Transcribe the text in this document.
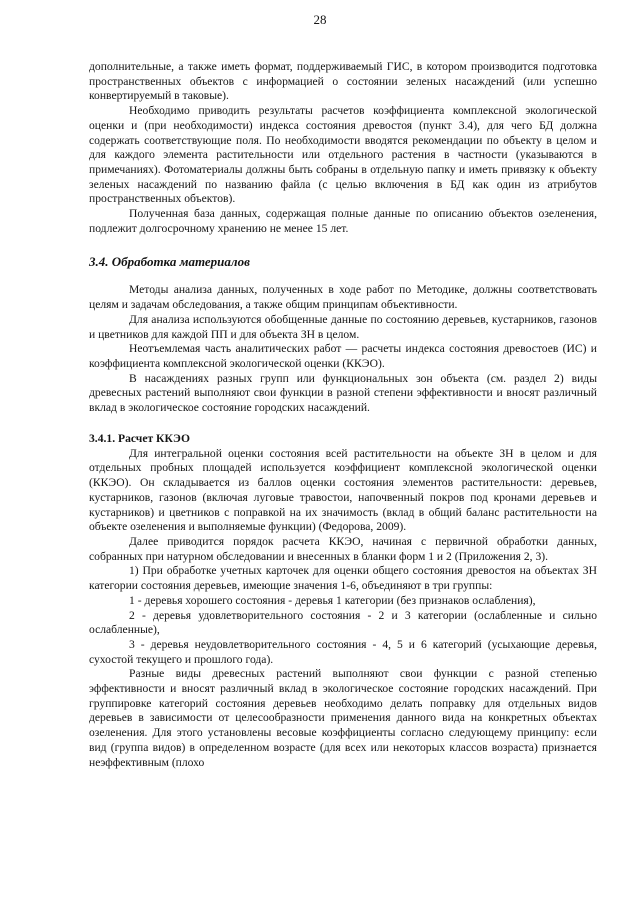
28

дополнительные, а также иметь формат, поддерживаемый ГИС, в котором производится подготовка пространственных объектов с информацией о состоянии зеленых насаждений (или успешно конвертируемый в таковые).

Необходимо приводить результаты расчетов коэффициента комплексной экологической оценки и (при необходимости) индекса состояния древостоя (пункт 3.4), для чего БД должна содержать соответствующие поля. По необходимости вводятся рекомендации по объекту в целом и для каждого элемента растительности или отдельного растения в частности (указываются в примечаниях). Фотоматериалы должны быть собраны в отдельную папку и иметь привязку к объекту зеленых насаждений по названию файла (с целью включения в БД как один из атрибутов пространственных объектов).

Полученная база данных, содержащая полные данные по описанию объектов озеленения, подлежит долгосрочному хранению не менее 15 лет.

3.4. Обработка материалов

Методы анализа данных, полученных в ходе работ по Методике, должны соответствовать целям и задачам обследования, а также общим принципам объективности.

Для анализа используются обобщенные данные по состоянию деревьев, кустарников, газонов и цветников для каждой ПП и для объекта ЗН в целом.

Неотъемлемая часть аналитических работ — расчеты индекса состояния древостоев (ИС) и коэффициента комплексной экологической оценки (ККЭО).

В насаждениях разных групп или функциональных зон объекта (см. раздел 2) виды древесных растений выполняют свои функции в разной степени эффективности и вносят различный вклад в экологическое состояние городских насаждений.

3.4.1. Расчет ККЭО

Для интегральной оценки состояния всей растительности на объекте ЗН в целом и для отдельных пробных площадей используется коэффициент комплексной экологической оценки (ККЭО). Он складывается из баллов оценки состояния элементов растительности: деревьев, кустарников, газонов (включая луговые травостои, напочвенный покров под кронами деревьев и кустарников) и цветников с поправкой на их значимость (вклад в общий баланс растительности на объекте озеленения и выполняемые функции) (Федорова, 2009).

Далее приводится порядок расчета ККЭО, начиная с первичной обработки данных, собранных при натурном обследовании и внесенных в бланки форм 1 и 2 (Приложения 2, 3).

1) При обработке учетных карточек для оценки общего состояния древостоя на объектах ЗН категории состояния деревьев, имеющие значения 1-6, объединяют в три группы:

1 - деревья хорошего состояния - деревья 1 категории (без признаков ослабления),

2 - деревья удовлетворительного состояния - 2 и 3 категории (ослабленные и сильно ослабленные),

3 - деревья неудовлетворительного состояния - 4, 5 и 6 категорий (усыхающие деревья, сухостой текущего и прошлого года).

Разные виды древесных растений выполняют свои функции с разной степенью эффективности и вносят различный вклад в экологическое состояние городских насаждений. При группировке категорий состояния деревьев необходимо делать поправку для отдельных видов деревьев в зависимости от целесообразности применения данного вида на конкретных объектах озеленения. Для этого установлены весовые коэффициенты согласно следующему принципу: если вид (группа видов) в определенном возрасте (для всех или некоторых классов возраста) признается неэффективным (плохо
